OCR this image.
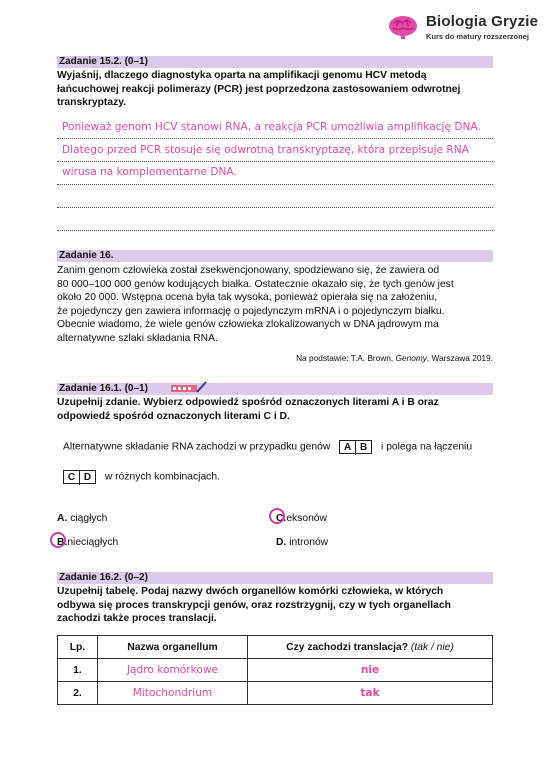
Biologia Gryzie
Kurs do matury rozszerzonej
Zadanie 15.2. (0–1)
Wyjaśnij, dlaczego diagnostyka oparta na amplifikacji genomu HCV metodą
łańcuchowej reakcji polimerazy (PCR) jest poprzedzona zastosowaniem odwrotnej
transkryptazy.
Ponieważ genom HCV stanowi RNA, a reakcja PCR umożliwia amplifikację DNA.
Dlatego przed PCR stosuje się odwrotną transkryptazę, która przepisuje RNA
wirusa na komplementarne DNA.
Zadanie 16.
Zanim genom człowieka został zsekwencjonowany, spodziewano się, że zawiera od
80 000–100 000 genów kodujących białka. Ostatecznie okazało się, że tych genów jest
około 20 000. Wstępna ocena była tak wysoka, ponieważ opierała się na założeniu,
że pojedynczy gen zawiera informację o pojedynczym mRNA i o pojedynczym białku.
Obecnie wiadomo, że wiele genów człowieka zlokalizowanych w DNA jądrowym ma
alternatywne szlaki składania RNA.
Na podstawie: T.A. Brown, Genomy, Warszawa 2019.
Zadanie 16.1. (0–1)
Uzupełnij zdanie. Wybierz odpowiedź spośród oznaczonych literami A i B oraz
odpowiedź spośród oznaczonych literami C i D.
Alternatywne składanie RNA zachodzi w przypadku genów A B i polega na łączeniu
C D w różnych kombinacjach.
A. ciągłych	C.eksonów
B.nieciągłych	D. intronów
Zadanie 16.2. (0–2)
Uzupełnij tabelę. Podaj nazwy dwóch organellów komórki człowieka, w których
odbywa się proces transkrypcji genów, oraz rozstrzygnij, czy w tych organellach
zachodzi także proces translacji.
Lp.	Nazwa organellum	Czy zachodzi translacja? (tak / nie)
1.	Jądro komórkowe	nie
2.	Mitochondrium	tak
